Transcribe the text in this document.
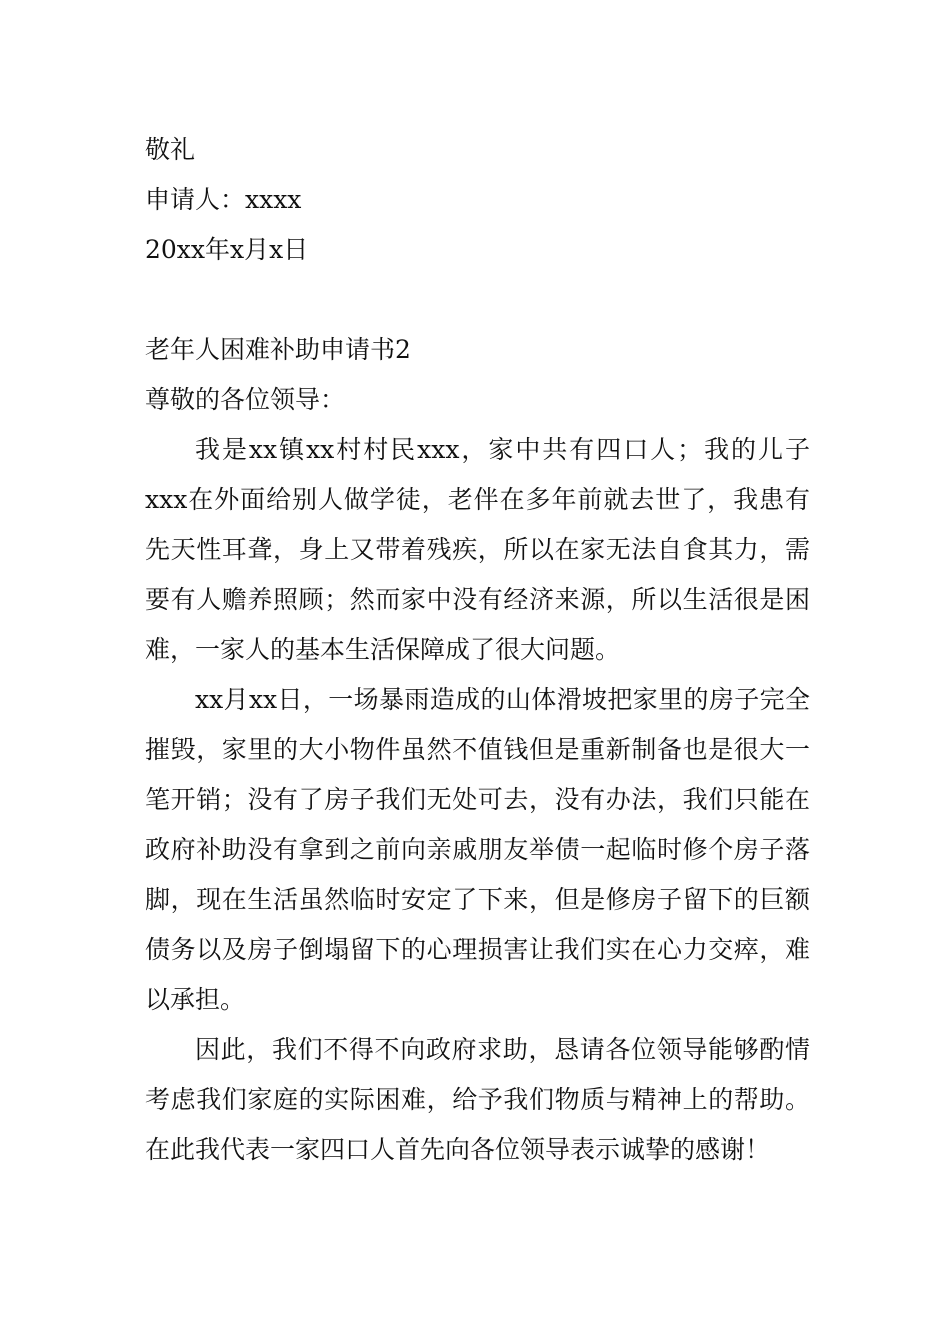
敬礼

申请人：xxxx

20xx年x月x日

老年人困难补助申请书2

尊敬的各位领导：

我是xx镇xx村村民xxx，家中共有四口人；我的儿子xxx在外面给别人做学徒，老伴在多年前就去世了，我患有先天性耳聋，身上又带着残疾，所以在家无法自食其力，需要有人赡养照顾；然而家中没有经济来源，所以生活很是困难，一家人的基本生活保障成了很大问题。

xx月xx日，一场暴雨造成的山体滑坡把家里的房子完全摧毁，家里的大小物件虽然不值钱但是重新制备也是很大一笔开销；没有了房子我们无处可去，没有办法，我们只能在政府补助没有拿到之前向亲戚朋友举债一起临时修个房子落脚，现在生活虽然临时安定了下来，但是修房子留下的巨额债务以及房子倒塌留下的心理损害让我们实在心力交瘁，难以承担。

因此，我们不得不向政府求助，恳请各位领导能够酌情考虑我们家庭的实际困难，给予我们物质与精神上的帮助。在此我代表一家四口人首先向各位领导表示诚挚的感谢！
